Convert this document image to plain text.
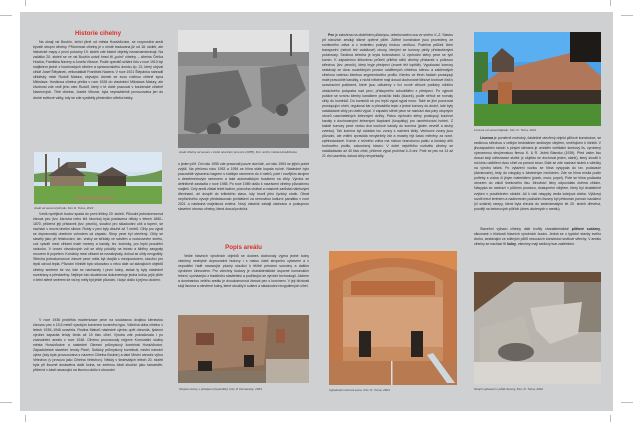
Historie cihelny

Na okraji vsi Boubín, ležící jižně od města Horažďovice, se rozprostírá areál bývalé stropní cihelny. Přítomnost cihelny je v místě tradována již od 18. století, ale historické mapy z první poloviny 19. století zde žádné objekty nezaznamenávají. Na začátku 20. století se ve vsi Boubín uvádí hned tři „polní“ cihelny – cihelna Čeňka Hostka, Františka Naxery a Josefa Vitovce. Podle operátů sčítání lidu v roce 1910 byl majitelem jedné z boubínských cihelen a správcovského domku čp. 22, který obýval cihlář Josef Štěpánek, velkostatkář František Naxera. V roce 1921 Štěpánka nahradil cihlářský mistr Rudolf Matura, obývající domek se svou rodinou včetně syna Miloslava. Hostkova cihelna přešla v roce 1928 do vlastnictví Miloslava Matury, ale životnost zde vedl jeho otec Rudolf, který v té době pracoval v boubínské cihelně Naxerových. Třetí cihelna, Josefa Vitovce, byla nepravidelně provozována jen do druhé světové války, kdy se zde vyráběly především střešní tašky.

Areál od severovýchodu, foto D. Tuma, 2023

Vznik nynějších budov spadá do první třetiny 20. století. Původní jednokomorová žárová pec (tzv. žárovka nebo též hicovka) byla postavena někdy v letech 1860–1870, přičemž její přístavek (tzv. pecník), sloužící pro skladování uhlí a topení, se nachází v úrovni dnešní silnice. Rošty v peci byly dlouhé až 7 metrů. Cihly pro výpal se dopravovaly dnešním vchodem od západu. Strop pece byl otevřený. Cihly se stavěly jako při řetízkování, tzn. vrstvy se střídaly ve svislém a vodorovném směru, což vytváří mezi cihlami malé mezery a kanály, tzv. kominky, pro lepší proudění vzduchu. V úrovni obvodových zdí se cihly položily na leżato a šibřiny zasypaly mourem či popelem. Kominky mezi cihlami se nezakrývaly, dokud se cihly nevypálily. Střecha jednokomorové žárové pece měla být dvojitá s mezipostorem, sloužící pro lepší odvod tepla. Původní hliniště bylo situováno o něco dále od stávajících objektů cihelny směrem ke vsi, kde se nacházely i první kolny, avšak ty byly následně rozebrány a přestavěny. Nejlépe tuto skutečnost dokumentuje jedna kolna, jejíž pilíře v čelní stěně směrem ke vsi by měly být ještě původní, i když došlo k jejímu otočení.

V roce 1936 proběhla modernizace pece na současnou dvojitou kleneutou žárovou pec s 15,5 metrů vysokým komínem továrního typu. Válečná doba cihelnu v letech 1939–1946 uzavřela. Rodina Maturů následně výrobu opět obnovila, týdenní výrobní kapacita tehdy činila až 10 tisíc cihel. Výroba zde pokračovala i po znárodnění areálu v roce 1948. Cihelnu provozovaly nejprve Komunální služby města Horažďovice a následně Okresní průmyslový kombinát Horažďovice, Západočeské stavební hmoty Plzeň, Sušický průmyslový kombinát, místní národní výbor (kdy byla provozována s názvem Cihelna Boubín) a také Místní národní výbor Velechov (v provozu jako Cihelna Velechov). Někdy v šedesátých letech 20. století byla při lisovně dostavěna další kolna, se změnou části sloužící jako kanceláře, přičemž v části navazující na lisovnu došlo k ubourání

Areál cihelny od severu v době ukončení provozu (1985), foto: archiv města Horažďovice

o jeden pilíř. Od roku 1950 zde pracovali pouze dva lidé, od roku 1954 se jejich počet zvýšil. Na přelomu roku 1953 a 1954 se hlína stále kopala ručně. Následně bylo pracoviště vybaveno bagrem s krátkým ramenem do 4 metrů, poté i novějším strojem s desetimetrovým ramenem a také automatickým hozákem na cihly. Výroba se definitivně zastavila v roce 1985. Po roce 1989 došlo k navrácení cihelny původnímu majiteli. Celý areál zůstal ležet ladem, pozvolna chátral a masivně zarůstal náletovými dřevinami, až dospěl do kritického stavu, kdy hrozil jeho fyzický zánik. Obrat nepříznivého vývoje představovalo prohlášení za nemovitou kulturní památku v roce 2021 a následná majetková změna. Nový vlastník zahájil záchranu a postupnou stavební obnovu cihelny, která dosud probíhá.

Popis areálu

Vedle hlavních výrobních objektů se dodnes dochovaly vyjma jedné kolny všechny nezbytné doprovodné budovy i s malou částí stropního vybavení a v nepodelní řadě navazující plochy sloužící k těžbě primární suroviny a dalším výrobním činnostem. Pro všechny budovy je charakteristické úsporné konstrukční řešení, vycházející z tradičního stavitelství a podřizující se výrobní technologii. Jádrem a dominantou celého areálu je dvoukomorová žárová pec s komínem. V její blízkosti stojí lisovna a otevřené kolny, které sloužily k sušení a skladování nevypálených cihel.

Otopné otvory v předpecí (topeniště), foto: P. Domanský, 2024

Pec je založena na obdélném půdorysu, orientovaném cca ve směru V–Z. Stavbu při nárožích zesilují šikmé opěrné pilíře. Zděné konstrukce jsou provedeny ze smíšeného zdiva a v exteriéru pokryty hrubou omítkou. Podélná průčelí člení transportní (nebolí též vsádkové) otvory, kterými se komory plnily předsušenými polotovary. Sedlová střecha je kryta bobrovkami. U východní stěny pece se tyčí komín. K západnímu štítovému průčelí přiléhá nižší cihelný přístavek s pultovou střechou (tzv. pecník), který kryje předpecí (zvané též topiště). Vypalovací komory sestávají ze dvou souběžných prostor oddělených cihelnou stěnou a zaklenutých cihelnou valenou klenbou segmentového profilu. Klenbu ve třech řadách prostupují malé pravoúhlé kanálky, z nichž některé mají dosud dochované litinové kruhové čísti s uzavíracími poklicemi, které jsou odhaleny v lící rovně cihlové podlahy nížšího obslužného polopatra nad pecí, přístupného schodištěm z předpecí. Po vyjmutí poklice se svrchu klenby kanálkem prosíčilo bidlo (klacek), podle něhož se rovnaly cihly do kominků. Do kominků se pro lepší výpal sypal mour. Také se jimi pozoroval prostupující oheň, reguloval žár a převáděla teplo z jedné komory do druhé, kde byly naskládané cihly pro další výpal. V západní stěně pece se nachází dva páry otopných otvorů uzavíratelných železnými dvířky. Patou východní stěny prostupují kouřové kanály s dochovanými železnými klapkami (šoupátky) pro usměrňování hoření. Z každé komory pece vedou dva kouřové kanály do komína (jeden zevnitř a druhý zvenku). Tah komína byl ovládán tzv. zvony s načními táhly. Venkovní zvony jsou původní, ale vnitřní zpravidla nevydržely žár a musely být často měněny za nové, zpětnodudané. Komín z režného zdiva má nízkou hranolovou patku a kónický dřík kruhového profilu, zakončený hlavicí. V době největšího rozkvětu cihelny se naskládávalo až 40 tisíc cihel, přičemž výpal probíhal 4–5 dní. Poté se pec na 14 až 21 dní uzavřela, dokud cihly nevychladly.

Vypalovací komora pece, foto: D. Tuma, 2024

Lisovna od severozápadu, foto: D. Tuma, 2022

Lisovna je poměrně mohutný, částečně otevřený objekt pilířové konstrukce, se sedlovou střechou s velkým bednášním sedlovým vikýřem, směřujícím k hliništi. V jihozápadním nároží s plnými stěnami je umístěn vertikální šnekový lis, vyrobený významnou strojírenskou firmou K. & R. Ježek Blansko (1939). Před ústím lisu dosud stojí odřezávací stolek (z objektu se dochoval jeden, starší), který sloužil k ručnímu oddělení dvou cihel za pomoci strun. Dále se zde nachází stolek s válečky na výrobu tašek. Po vytažení vozíku se hlína vysypala do tzv. podavače (dávkovače), tedy do násypky s částečným míchánim. Zde se hlína mísila podle potřeby s vodou či jiným materiálem (písek, mour, popel). Poté se hlína podávala otvorem do válců šnekového lisu. Množství hlíny odpovídalo dvěma cihlám. Násypka se nachází v půdním prostoru, dostupném vikýřem, který byl dodatečně zvýšen v poválečném období. Až k ústí násypky vedla kolejová dráha. Výškový rozdíl mezi terénem a nadezmním podlažím lisovny byl překonán pomocí navážecí (či svážné) rampy, která byla zhruba do sedmdesátých let 20. století dřevěná, později na betonových pilířích (dnes uložených v areálu).

Stavební výbavu cihelny dále tvořily charakteristické pilířové sušárny, situované v blízkosti hlavních výrobních budov. Jedná se o typické stavby svého druhu, sestávající ze zděných pilířů nesoucích konstrukci sedlové střechy. V areálu cihelny se nachází tři kolny, všechny mají sedlový tvar zastřešení.

Strojní vybavení v půdě lisovny, foto: D. Tuma, 2022
